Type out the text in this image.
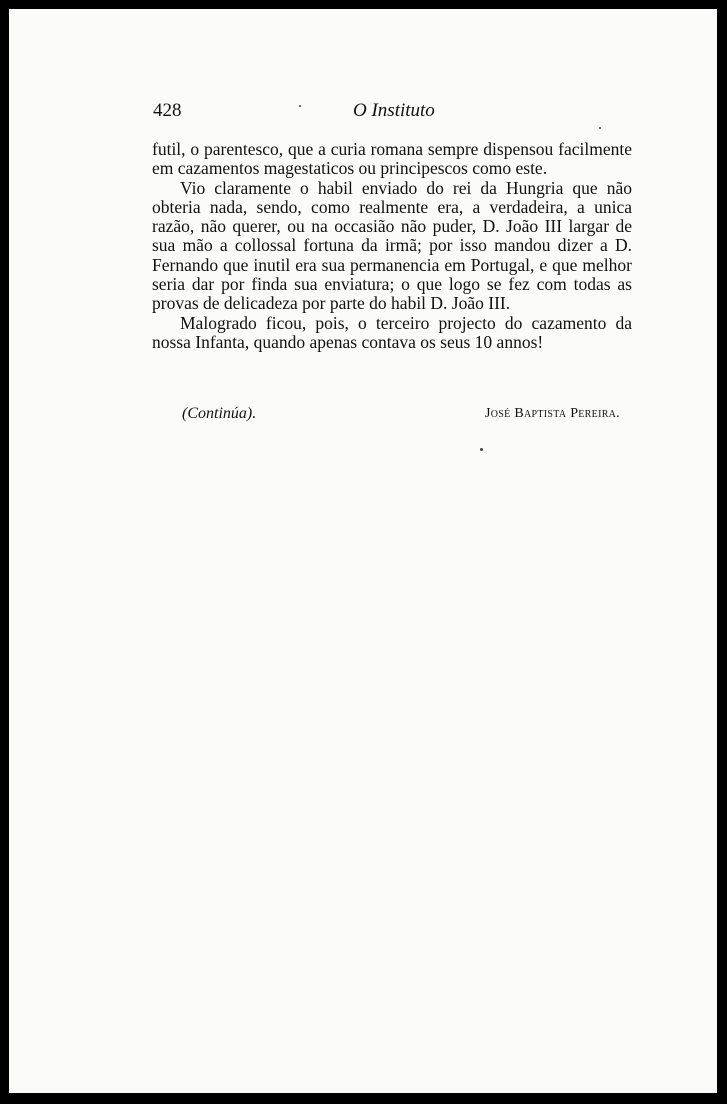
428	O Instituto

futil, o parentesco, que a curia romana sempre dispensou facilmente em cazamentos magestaticos ou principescos como este.

Vio claramente o habil enviado do rei da Hungria que não obteria nada, sendo, como realmente era, a verdadeira, a unica razão, não querer, ou na occasião não puder, D. João III largar de sua mão a collossal fortuna da irmã; por isso mandou dizer a D. Fernando que inutil era sua permanencia em Portugal, e que melhor seria dar por finda sua enviatura; o que logo se fez com todas as provas de delicadeza por parte do habil D. João III.

Malogrado ficou, pois, o terceiro projecto do cazamento da nossa Infanta, quando apenas contava os seus 10 annos!

(Continúa).	José Baptista Pereira.
